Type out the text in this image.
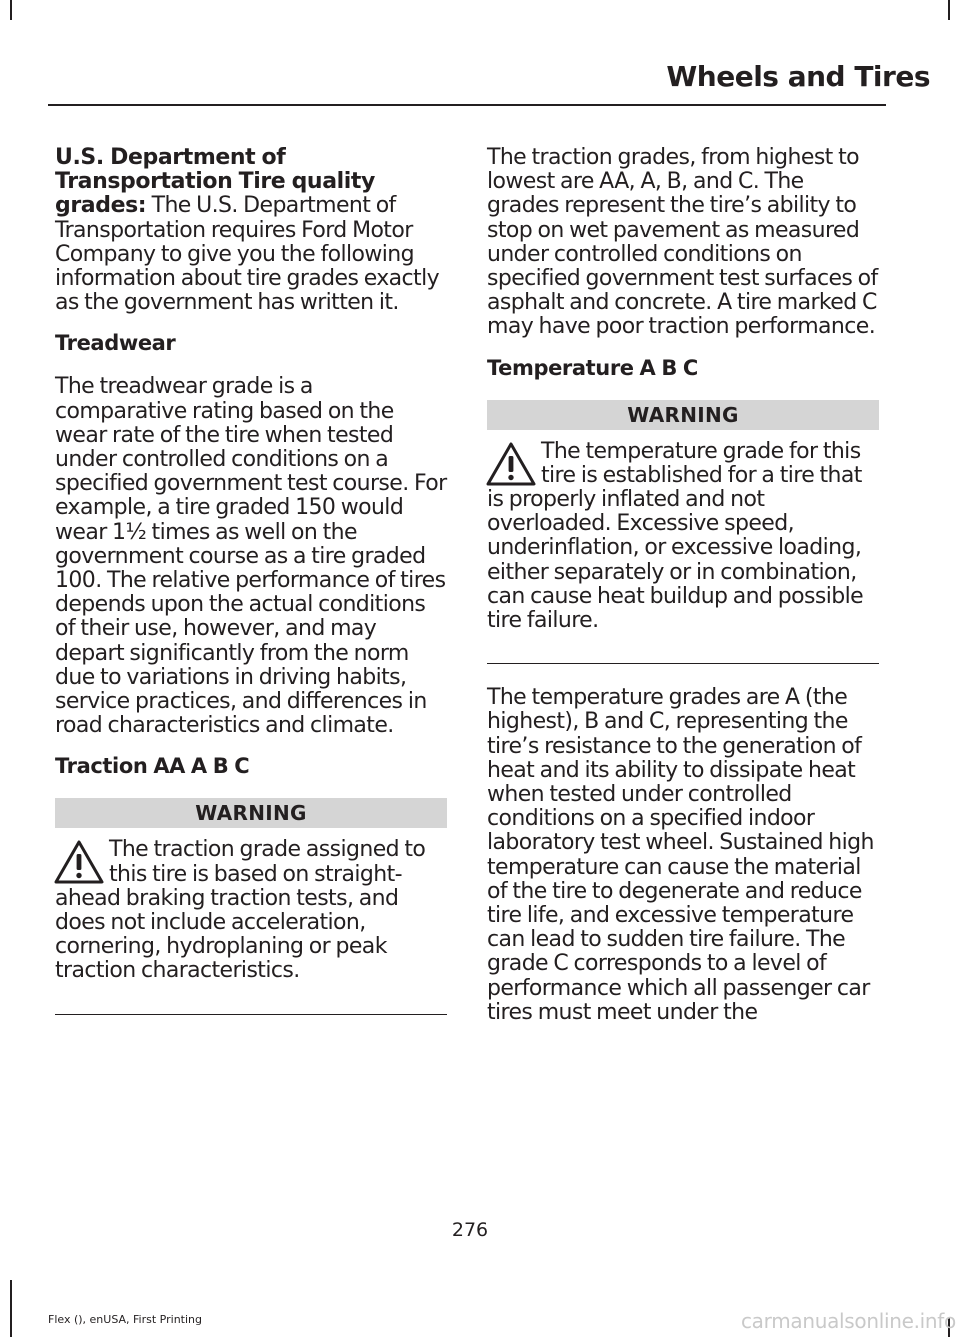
Wheels and Tires

U.S. Department of Transportation Tire quality grades: The U.S. Department of Transportation requires Ford Motor Company to give you the following information about tire grades exactly as the government has written it.

Treadwear

The treadwear grade is a comparative rating based on the wear rate of the tire when tested under controlled conditions on a specified government test course. For example, a tire graded 150 would wear 1½ times as well on the government course as a tire graded 100. The relative performance of tires depends upon the actual conditions of their use, however, and may depart significantly from the norm due to variations in driving habits, service practices, and differences in road characteristics and climate.

Traction AA A B C
WARNING

The traction grade assigned to this tire is based on straight-ahead braking traction tests, and does not include acceleration, cornering, hydroplaning or peak traction characteristics.

The traction grades, from highest to lowest are AA, A, B, and C. The grades represent the tire’s ability to stop on wet pavement as measured under controlled conditions on specified government test surfaces of asphalt and concrete. A tire marked C may have poor traction performance.

Temperature A B C
WARNING

The temperature grade for this tire is established for a tire that is properly inflated and not overloaded. Excessive speed, underinflation, or excessive loading, either separately or in combination, can cause heat buildup and possible tire failure.

The temperature grades are A (the highest), B and C, representing the tire’s resistance to the generation of heat and its ability to dissipate heat when tested under controlled conditions on a specified indoor laboratory test wheel. Sustained high temperature can cause the material of the tire to degenerate and reduce tire life, and excessive temperature can lead to sudden tire failure. The grade C corresponds to a level of performance which all passenger car tires must meet under the

276
Flex (), enUSA, First Printing	carmanualsonline.info
